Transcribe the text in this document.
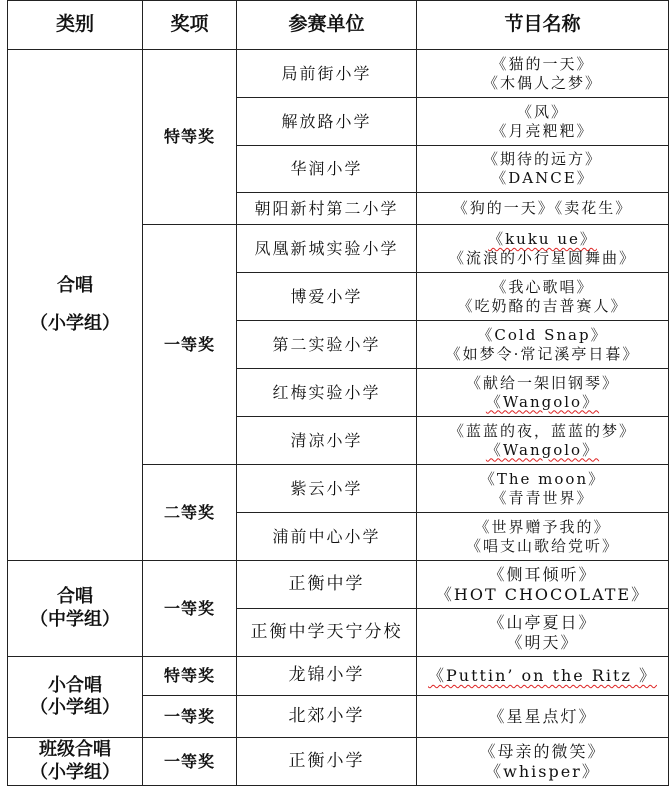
类别	奖项	参赛单位	节目名称
合唱
（小学组）	特等奖	局前街小学	《猫的一天》
《木偶人之梦》

		解放路小学	《风》
《月亮粑粑》

		华润小学	《期待的远方》
《DANCE》

		朝阳新村第二小学	《狗的一天》《卖花生》

	一等奖	凤凰新城实验小学	《kuku ue》
《流浪的小行星圆舞曲》

		博爱小学	《我心歌唱》
《吃奶酪的吉普赛人》

		第二实验小学	《Cold Snap》
《如梦令·常记溪亭日暮》

		红梅实验小学	《献给一架旧钢琴》
《Wangolo》

		清凉小学	《蓝蓝的夜，蓝蓝的梦》
《Wangolo》

	二等奖	紫云小学	《The moon》
《青青世界》

		浦前中心小学	《世界赠予我的》
《唱支山歌给党听》

合唱
（中学组）	一等奖	正衡中学	《侧耳倾听》
《HOT CHOCOLATE》

		正衡中学天宁分校	《山亭夏日》
《明天》

小合唱
（小学组）	特等奖	龙锦小学	《Puttin’ on the Ritz 》

	一等奖	北郊小学	《星星点灯》

班级合唱
（小学组）	一等奖	正衡小学	《母亲的微笑》
《whisper》
